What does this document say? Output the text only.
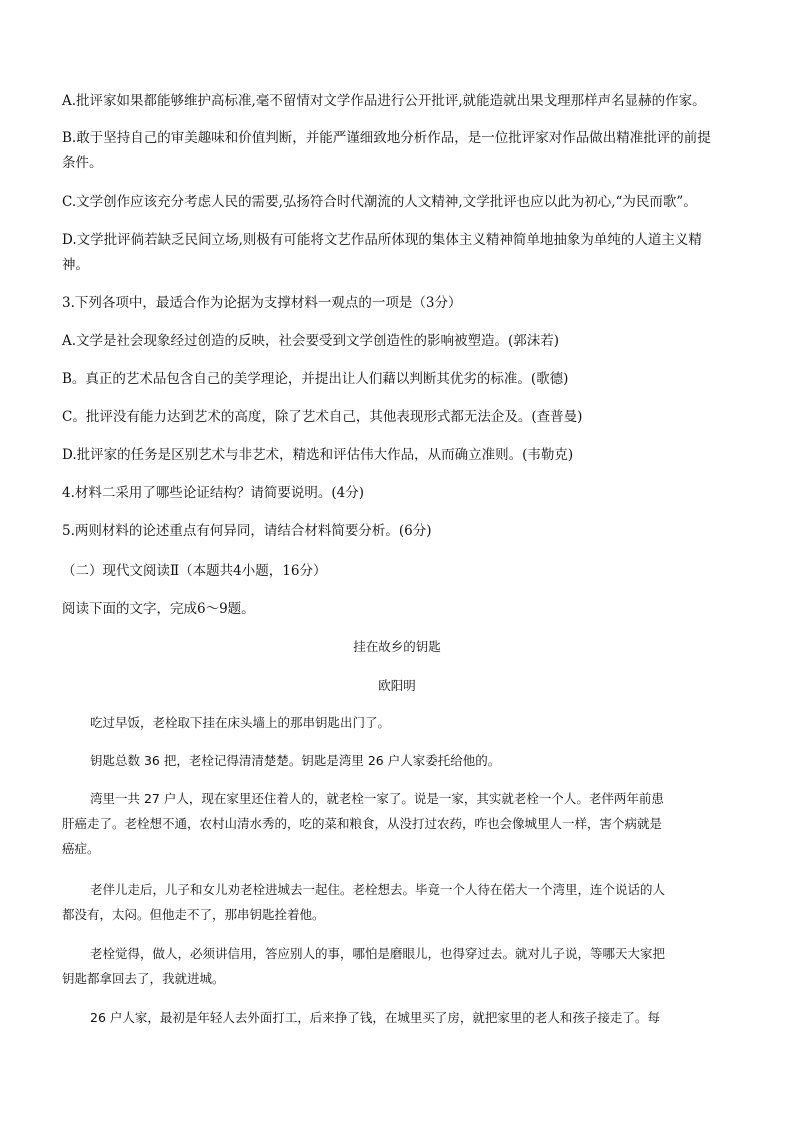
A.批评家如果都能够维护高标准,毫不留情对文学作品进行公开批评,就能造就出果戈理那样声名显赫的作家。
B.敢于坚持自己的审美趣味和价值判断，并能严谨细致地分析作品，是一位批评家对作品做出精准批评的前提
条件。
C.文学创作应该充分考虑人民的需要,弘扬符合时代潮流的人文精神,文学批评也应以此为初心,“为民而歌”。
D.文学批评倘若缺乏民间立场,则极有可能将文艺作品所体现的集体主义精神简单地抽象为单纯的人道主义精
神。
3.下列各项中，最适合作为论据为支撑材料一观点的一项是（3分）
A.文学是社会现象经过创造的反映，社会要受到文学创造性的影响被塑造。(郭沫若)
B。真正的艺术品包含自己的美学理论，并提出让人们藉以判断其优劣的标准。(歌德)
C。批评没有能力达到艺术的高度，除了艺术自己，其他表现形式都无法企及。(查普曼)
D.批评家的任务是区别艺术与非艺术，精选和评估伟大作品，从而确立准则。(韦勒克)
4.材料二采用了哪些论证结构？请简要说明。(4分)
5.两则材料的论述重点有何异同，请结合材料简要分析。(6分)
（二）现代文阅读Ⅱ（本题共4小题，16分）
阅读下面的文字，完成6～9题。
挂在故乡的钥匙
欧阳明
吃过早饭，老栓取下挂在床头墙上的那串钥匙出门了。
钥匙总数 36 把，老栓记得清清楚楚。钥匙是湾里 26 户人家委托给他的。
湾里一共 27 户人，现在家里还住着人的，就老栓一家了。说是一家，其实就老栓一个人。老伴两年前患
肝癌走了。老栓想不通，农村山清水秀的，吃的菜和粮食，从没打过农药，咋也会像城里人一样，害个病就是
癌症。
老伴儿走后，儿子和女儿劝老栓进城去一起住。老栓想去。毕竟一个人待在偌大一个湾里，连个说话的人
都没有，太闷。但他走不了，那串钥匙拴着他。
老栓觉得，做人，必须讲信用，答应别人的事，哪怕是磨眼儿，也得穿过去。就对儿子说，等哪天大家把
钥匙都拿回去了，我就进城。
26 户人家，最初是年轻人去外面打工，后来挣了钱，在城里买了房，就把家里的老人和孩子接走了。每
